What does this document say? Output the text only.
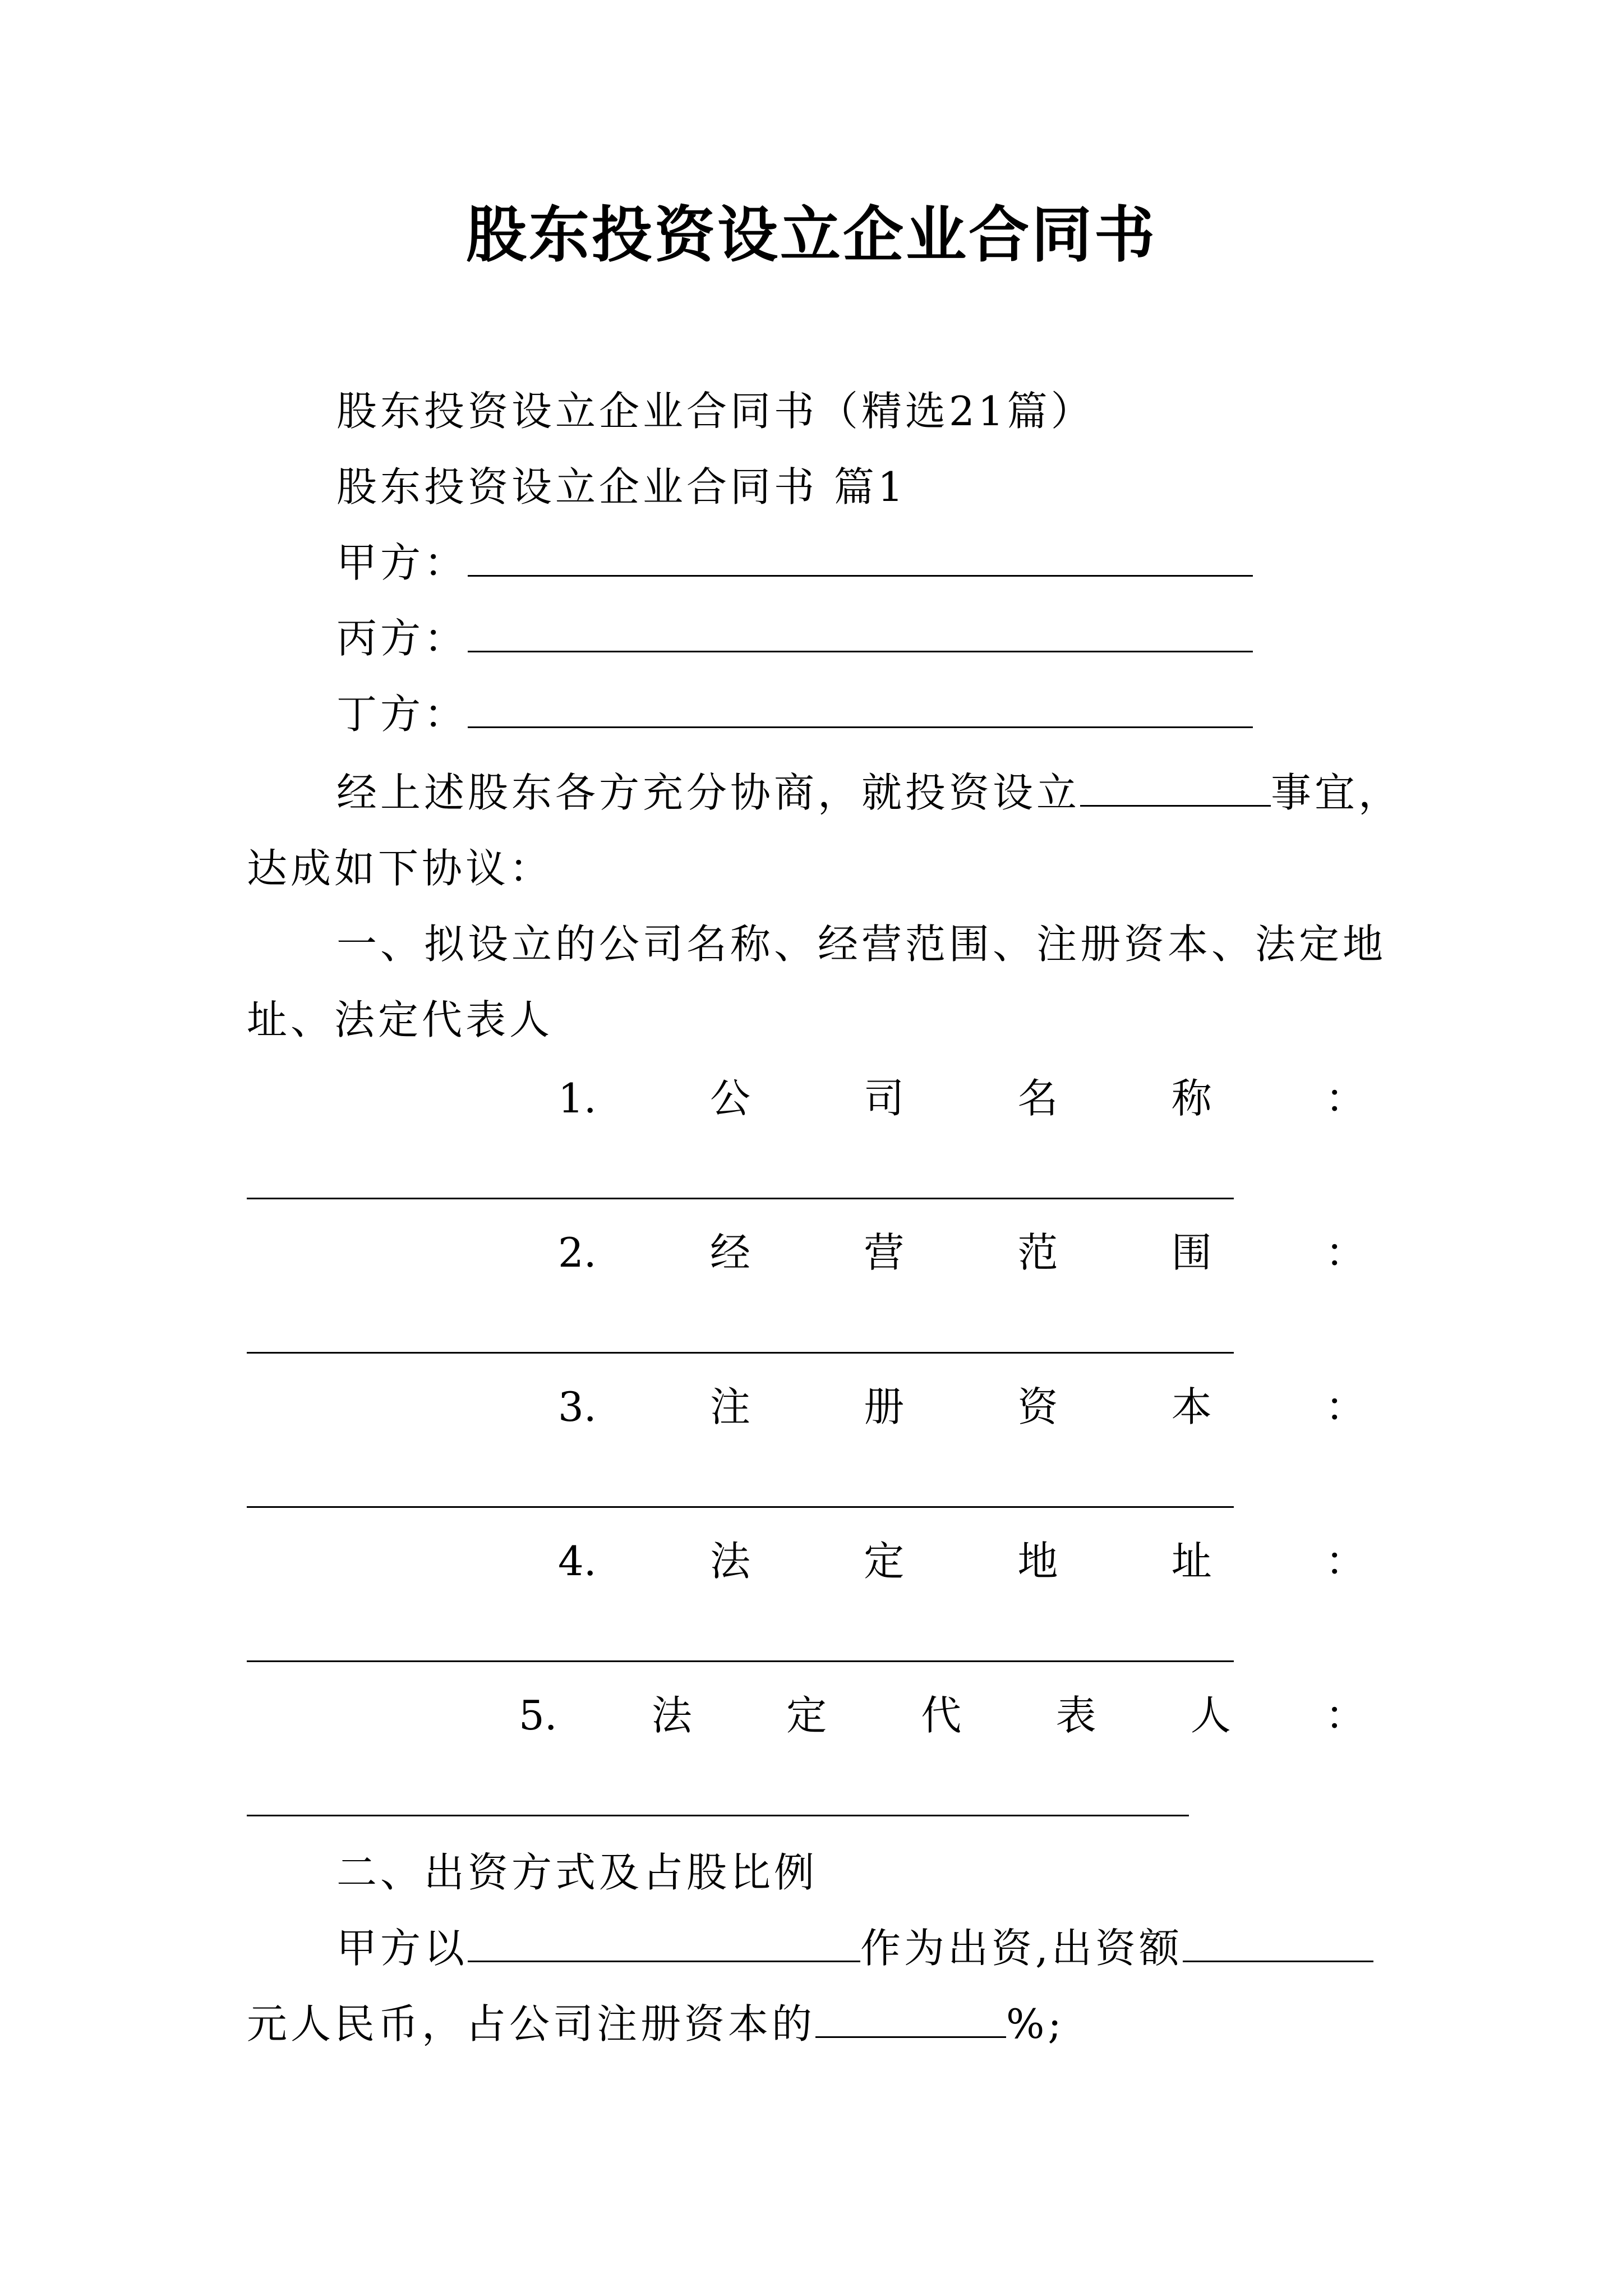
股东投资设立企业合同书
股东投资设立企业合同书（精选21篇）
股东投资设立企业合同书 篇1
甲方：
丙方：
丁方：
经上述股东各方充分协商，就投资设立	事宜，
达成如下协议：
一、拟设立的公司名称、经营范围、注册资本、法定地
址、法定代表人
1.	公	司	名	称	：
2.	经	营	范	围	：
3.	注	册	资	本	：
4.	法	定	地	址	：
5. 法 定 代 表 人 ：
二、出资方式及占股比例
甲方以	作为出资,出资额
元人民币，占公司注册资本的	%;
